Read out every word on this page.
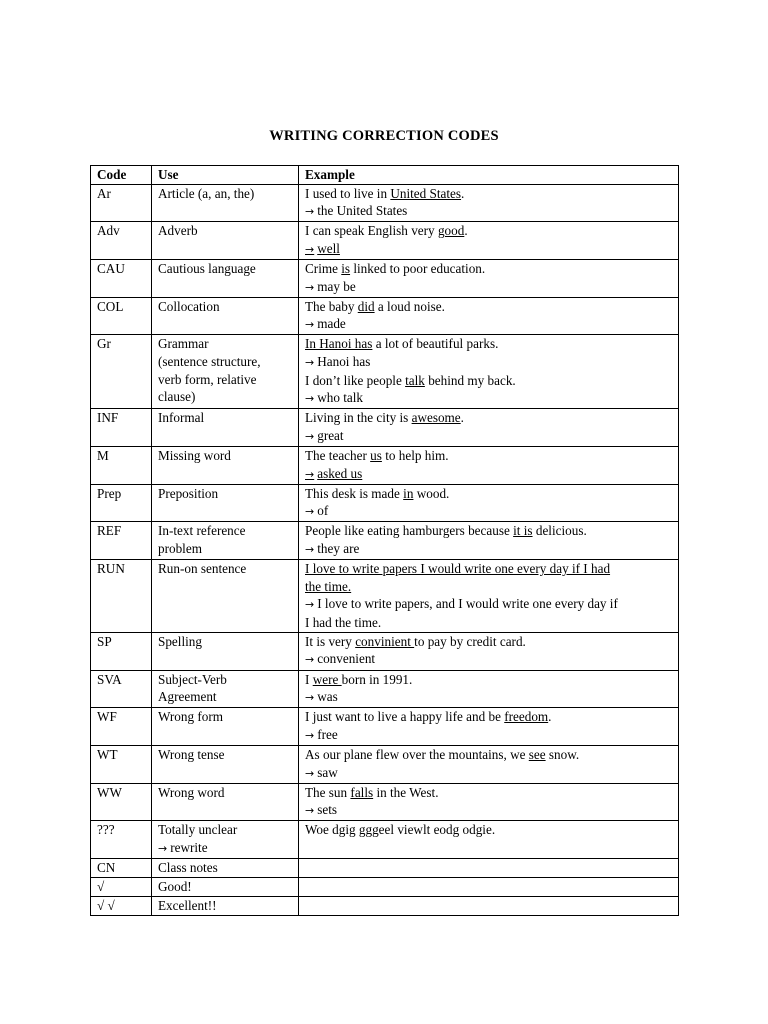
WRITING CORRECTION CODES
Code	Use	Example
Ar	Article (a, an, the)	I used to live in United States.
→ the United States

Adv	Adverb	I can speak English very good.
→ well

CAU	Cautious language	Crime is linked to poor education.
→ may be

COL	Collocation	The baby did a loud noise.
→ made

Gr	Grammar
(sentence structure,
verb form, relative
clause)	In Hanoi has a lot of beautiful parks.
→ Hanoi has
I don’t like people talk behind my back.
→ who talk

INF	Informal	Living in the city is awesome.
→ great

M	Missing word	The teacher us to help him.
→ asked us

Prep	Preposition	This desk is made in wood.
→ of

REF	In-text reference
problem	People like eating hamburgers because it is delicious.
→ they are

RUN	Run-on sentence	I love to write papers I would write one every day if I had
the time.
→ I love to write papers, and I would write one every day if
I had the time.

SP	Spelling	It is very convinient to pay by credit card.
→ convenient

SVA	Subject-Verb
Agreement	I were born in 1991.
→ was

WF	Wrong form	I just want to live a happy life and be freedom.
→ free

WT	Wrong tense	As our plane flew over the mountains, we see snow.
→ saw

WW	Wrong word	The sun falls in the West.
→ sets

???	Totally unclear
→ rewrite	Woe dgig gggeel viewlt eodg odgie.

CN	Class notes	

√	Good!	

√ √	Excellent!!	
